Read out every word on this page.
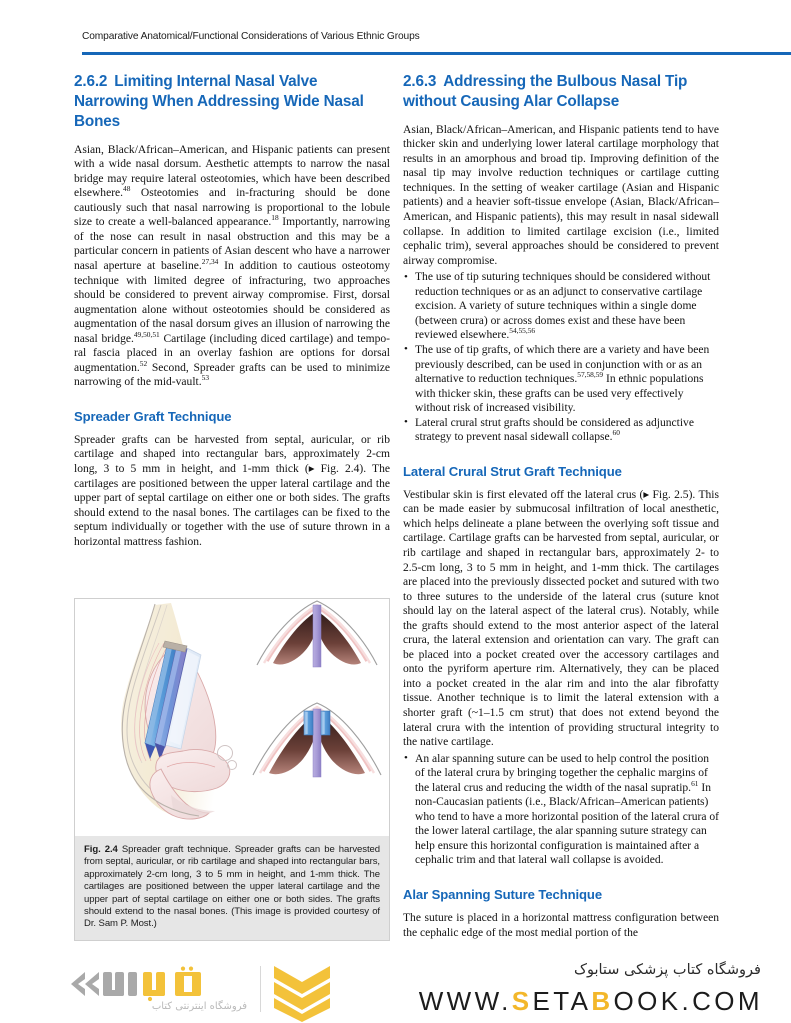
Comparative Anatomical/Functional Considerations of Various Ethnic Groups
2.6.2 Limiting Internal Nasal Valve Narrowing When Addressing Wide Nasal Bones

Asian, Black/African–American, and Hispanic patients can present with a wide nasal dorsum. Aesthetic attempts to narrow the nasal bridge may require lateral osteotomies, which have been described elsewhere.$^{48}$ Osteotomies and in-fracturing should be done cautiously such that nasal narrowing is proportional to the lobule size to create a well-balanced appearance.$^{18}$ Importantly, narrowing of the nose can result in nasal obstruction and this may be a particular concern in patients of Asian descent who have a narrower nasal aperture at baseline.$^{27,34}$ In addition to cautious osteotomy technique with limited degree of infracturing, two approaches should be considered to prevent airway compromise. First, dorsal augmentation alone without osteotomies should be considered as augmentation of the nasal dorsum gives an illusion of narrowing the nasal bridge.$^{49,50,51}$ Cartilage (including diced cartilage) and temporal fascia placed in an overlay fashion are options for dorsal augmentation.$^{52}$ Second, Spreader grafts can be used to minimize narrowing of the mid-vault.$^{53}$

Spreader Graft Technique

Spreader grafts can be harvested from septal, auricular, or rib cartilage and shaped into rectangular bars, approximately 2-cm long, 3 to 5 mm in height, and 1-mm thick (▸ Fig. 2.4). The cartilages are positioned between the upper lateral cartilage and the upper part of septal cartilage on either one or both sides. The grafts should extend to the nasal bones. The cartilages can be fixed to the septum individually or together with the use of suture thrown in a horizontal mattress fashion.

Fig. 2.4 Spreader graft technique. Spreader grafts can be harvested from septal, auricular, or rib cartilage and shaped into rectangular bars, approximately 2-cm long, 3 to 5 mm in height, and 1-mm thick. The cartilages are positioned between the upper lateral cartilage and the upper part of septal cartilage on either one or both sides. The grafts should extend to the nasal bones. (This image is provided courtesy of Dr. Sam P. Most.)
2.6.3 Addressing the Bulbous Nasal Tip without Causing Alar Collapse

Asian, Black/African–American, and Hispanic patients tend to have thicker skin and underlying lower lateral cartilage morphology that results in an amorphous and broad tip. Improving definition of the nasal tip may involve reduction techniques or cartilage cutting techniques. In the setting of weaker cartilage (Asian and Hispanic patients) and a heavier soft-tissue envelope (Asian, Black/African–American, and Hispanic patients), this may result in nasal sidewall collapse. In addition to limited cartilage excision (i.e., limited cephalic trim), several approaches should be considered to prevent airway compromise.

• The use of tip suturing techniques should be considered without reduction techniques or as an adjunct to conservative cartilage excision. A variety of suture techniques within a single dome (between crura) or across domes exist and these have been reviewed elsewhere.$^{54,55,56}$
• The use of tip grafts, of which there are a variety and have been previously described, can be used in conjunction with or as an alternative to reduction techniques.$^{57,58,59}$ In ethnic populations with thicker skin, these grafts can be used very effectively without risk of increased visibility.
• Lateral crural strut grafts should be considered as adjunctive strategy to prevent nasal sidewall collapse.$^{60}$
Lateral Crural Strut Graft Technique

Vestibular skin is first elevated off the lateral crus (▸ Fig. 2.5). This can be made easier by submucosal infiltration of local anesthetic, which helps delineate a plane between the overlying soft tissue and cartilage. Cartilage grafts can be harvested from septal, auricular, or rib cartilage and shaped in rectangular bars, approximately 2- to 2.5-cm long, 3 to 5 mm in height, and 1-mm thick. The cartilages are placed into the previously dissected pocket and sutured with two to three sutures to the underside of the lateral crus (suture knot should lay on the lateral aspect of the lateral crus). Notably, while the grafts should extend to the most anterior aspect of the lateral crura, the lateral extension and orientation can vary. The graft can be placed into a pocket created over the accessory cartilages and onto the pyriform aperture rim. Alternatively, they can be placed into a pocket created in the alar rim and into the alar fibrofatty tissue. Another technique is to limit the lateral extension with a shorter graft (~1–1.5 cm strut) that does not extend beyond the lateral crura with the intention of providing structural integrity to the native cartilage.

• An alar spanning suture can be used to help control the position of the lateral crura by bringing together the cephalic margins of the lateral crus and reducing the width of the nasal supratip.$^{61}$ In non-Caucasian patients (i.e., Black/African–American patients) who tend to have a more horizontal position of the lateral crura of the lower lateral cartilage, the alar spanning suture strategy can help ensure this horizontal configuration is maintained after a cephalic trim and that lateral wall collapse is avoided.
Alar Spanning Suture Technique

The suture is placed in a horizontal mattress configuration between the cephalic edge of the most medial portion of the

فروشگاه اینترنتی کتاب
فروشگاه کتاب پزشکی ستابوک
WWW.SETABOOK.COM
